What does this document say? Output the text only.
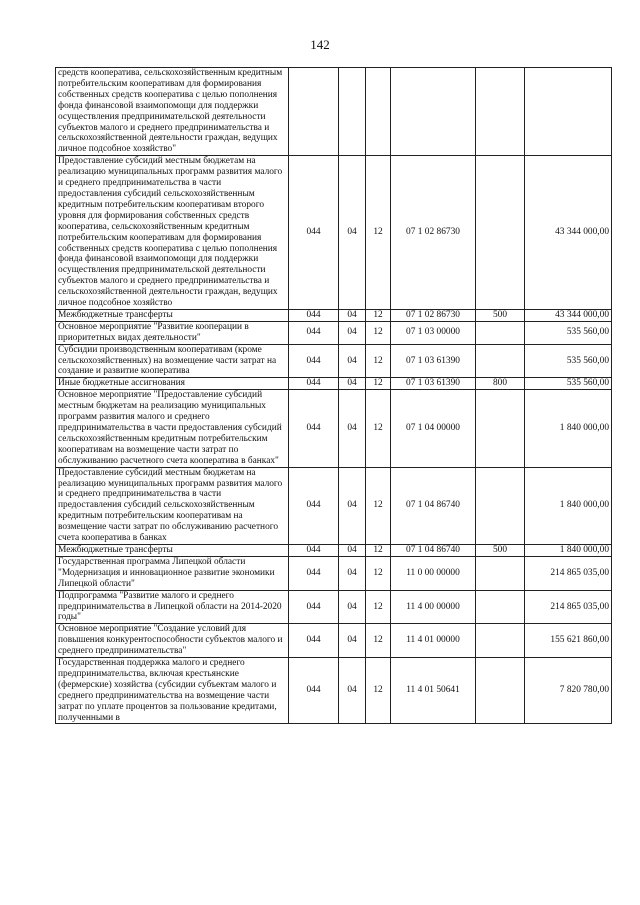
142
средств кооператива, сельскохозяйственным кредитным потребительским кооперативам для формирования собственных средств кооператива с целью пополнения фонда финансовой взаимопомощи для поддержки осуществления предпринимательской деятельности субъектов малого и среднего предпринимательства и сельскохозяйственной деятельности граждан, ведущих личное подсобное хозяйство"						
Предоставление субсидий местным бюджетам на реализацию муниципальных программ развития малого и среднего предпринимательства в части предоставления субсидий сельскохозяйственным кредитным потребительским кооперативам второго уровня для формирования собственных средств кооператива, сельскохозяйственным кредитным потребительским кооперативам для формирования собственных средств кооператива с целью пополнения фонда финансовой взаимопомощи для поддержки осуществления предпринимательской деятельности субъектов малого и среднего предпринимательства и сельскохозяйственной деятельности граждан, ведущих личное подсобное хозяйство	044	04	12	07 1 02 86730		43 344 000,00
Межбюджетные трансферты	044	04	12	07 1 02 86730	500	43 344 000,00
Основное мероприятие "Развитие кооперации в приоритетных видах деятельности"	044	04	12	07 1 03 00000		535 560,00
Субсидии производственным кооперативам (кроме сельскохозяйственных) на возмещение части затрат на создание и развитие кооператива	044	04	12	07 1 03 61390		535 560,00
Иные бюджетные ассигнования	044	04	12	07 1 03 61390	800	535 560,00
Основное мероприятие "Предоставление субсидий местным бюджетам на реализацию муниципальных программ развития малого и среднего предпринимательства в части предоставления субсидий сельскохозяйственным кредитным потребительским кооперативам на возмещение части затрат по обслуживанию расчетного счета кооператива в банках"	044	04	12	07 1 04 00000		1 840 000,00
Предоставление субсидий местным бюджетам на реализацию муниципальных программ развития малого и среднего предпринимательства в части предоставления субсидий сельскохозяйственным кредитным потребительским кооперативам на возмещение части затрат по обслуживанию расчетного счета кооператива в банках	044	04	12	07 1 04 86740		1 840 000,00
Межбюджетные трансферты	044	04	12	07 1 04 86740	500	1 840 000,00
Государственная программа Липецкой области "Модернизация и инновационное развитие экономики Липецкой области"	044	04	12	11 0 00 00000		214 865 035,00
Подпрограмма "Развитие малого и среднего предпринимательства в Липецкой области на 2014-2020 годы"	044	04	12	11 4 00 00000		214 865 035,00
Основное мероприятие "Создание условий для повышения конкурентоспособности субъектов малого и среднего предпринимательства"	044	04	12	11 4 01 00000		155 621 860,00
Государственная поддержка малого и среднего предпринимательства, включая крестьянские (фермерские) хозяйства (субсидии субъектам малого и среднего предпринимательства на возмещение части затрат по уплате процентов за пользование кредитами, полученными в	044	04	12	11 4 01 50641		7 820 780,00
